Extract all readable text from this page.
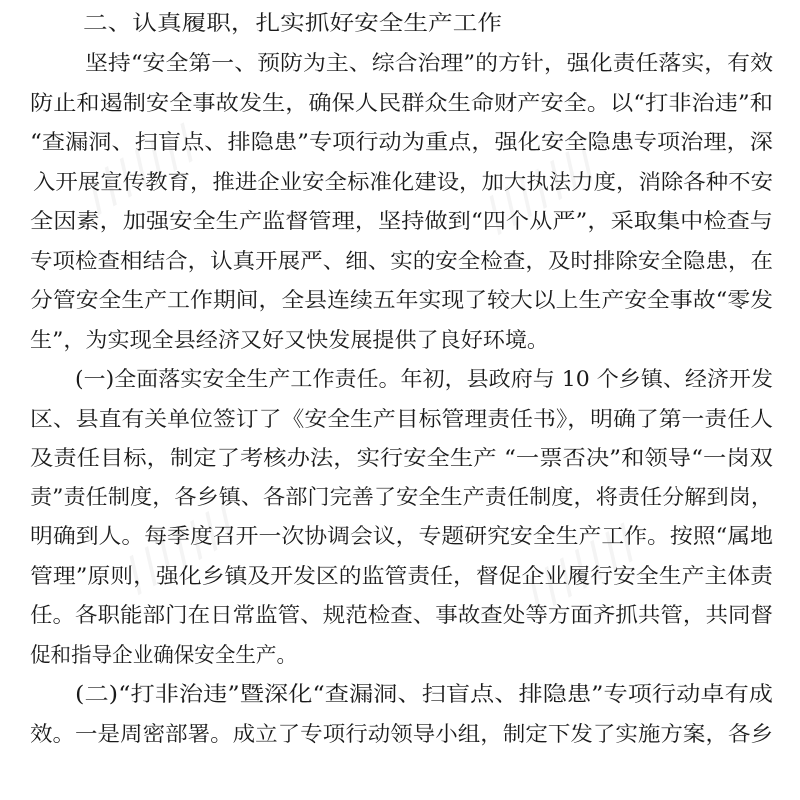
///////	///////
///////	///////
二、认真履职，扎实抓好安全生产工作
坚持“安全第一、预防为主、综合治理”的方针，强化责任落实，有效
防止和遏制安全事故发生，确保人民群众生命财产安全。以“打非治违”和
“查漏洞、扫盲点、排隐患”专项行动为重点，强化安全隐患专项治理，深
入开展宣传教育，推进企业安全标准化建设，加大执法力度，消除各种不安
全因素，加强安全生产监督管理，坚持做到“四个从严”，采取集中检查与
专项检查相结合，认真开展严、细、实的安全检查，及时排除安全隐患，在
分管安全生产工作期间，全县连续五年实现了较大以上生产安全事故“零发
生”，为实现全县经济又好又快发展提供了良好环境。
(一)全面落实安全生产工作责任。年初，县政府与 10 个乡镇、经济开发
区、县直有关单位签订了《安全生产目标管理责任书》，明确了第一责任人
及责任目标，制定了考核办法，实行安全生产 “一票否决”和领导“一岗双
责”责任制度，各乡镇、各部门完善了安全生产责任制度，将责任分解到岗，
明确到人。每季度召开一次协调会议，专题研究安全生产工作。按照“属地
管理”原则，强化乡镇及开发区的监管责任，督促企业履行安全生产主体责
任。各职能部门在日常监管、规范检查、事故查处等方面齐抓共管，共同督
促和指导企业确保安全生产。
(二)“打非治违”暨深化“查漏洞、扫盲点、排隐患”专项行动卓有成
效。一是周密部署。成立了专项行动领导小组，制定下发了实施方案，各乡
